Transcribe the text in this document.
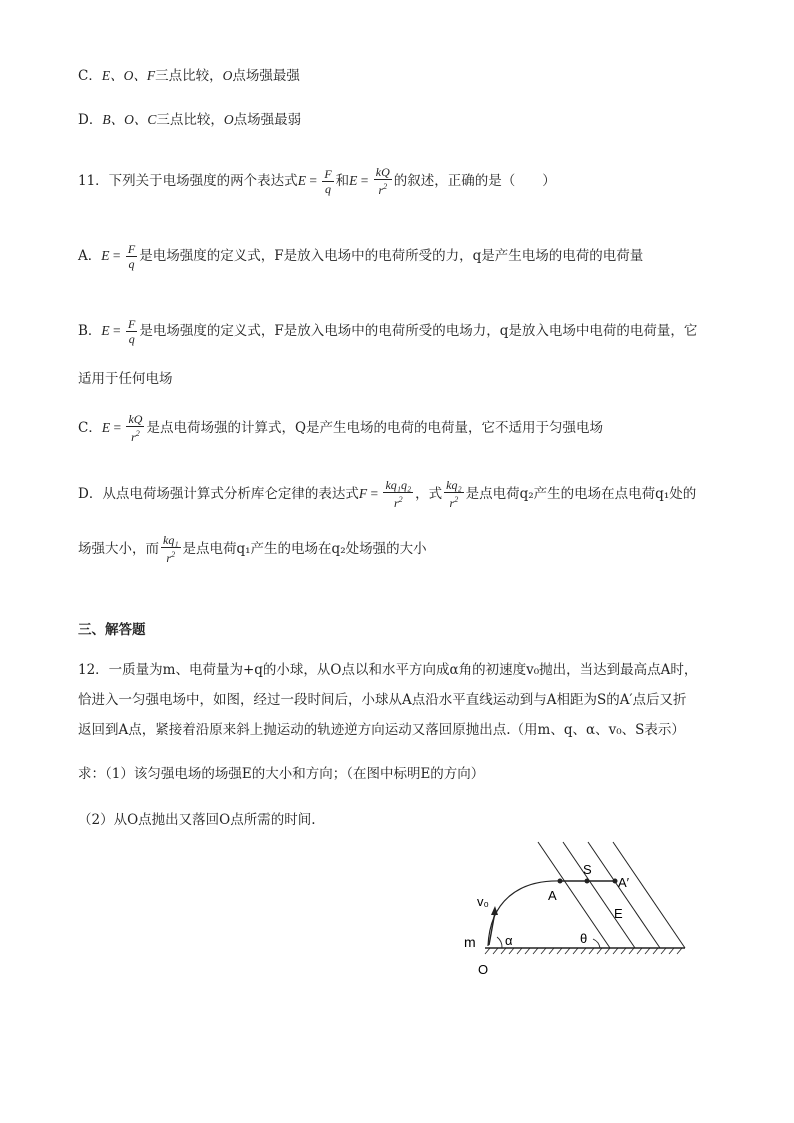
C．E、O、F三点比较，O点场强最强
D．B、O、C三点比较，O点场强最弱
11．下列关于电场强度的两个表达式$E = \frac{F}{q}$ 和$E = \frac{kQ}{r^2}$ 的叙述，正确的是（　　）
A．$E = \frac{F}{q}$ 是电场强度的定义式，F是放入电场中的电荷所受的力，q是产生电场的电荷的电荷量
B．$E = \frac{F}{q}$ 是电场强度的定义式，F是放入电场中的电荷所受的电场力，q是放入电场中电荷的电荷量，它
适用于任何电场
C．$E = \frac{kQ}{r^2}$ 是点电荷场强的计算式，Q是产生电场的电荷的电荷量，它不适用于匀强电场
D．从点电荷场强计算式分析库仑定律的表达式$F = \frac{\text{kq₁q₂}}{r^2}$ ，式 $\frac{\text{kq₂}}{r^2}$ 是点电荷q₂产生的电场在点电荷q₁处的
场强大小，而 $\frac{\text{kq₁}}{r^2}$ 是点电荷q₁产生的电场在q₂处场强的大小
三、解答题
12．一质量为m、电荷量为+q的小球，从O点以和水平方向成α角的初速度v₀抛出，当达到最高点A时，
恰进入一匀强电场中，如图，经过一段时间后，小球从A点沿水平直线运动到与A相距为S的A′点后又折
返回到A点，紧接着沿原来斜上抛运动的轨迹逆方向运动又落回原抛出点.（用m、q、α、v₀、S表示）
求：（1）该匀强电场的场强E的大小和方向；（在图中标明E的方向）
（2）从O点抛出又落回O点所需的时间.
v₀
m α
O
A
S
A′
E
θ
